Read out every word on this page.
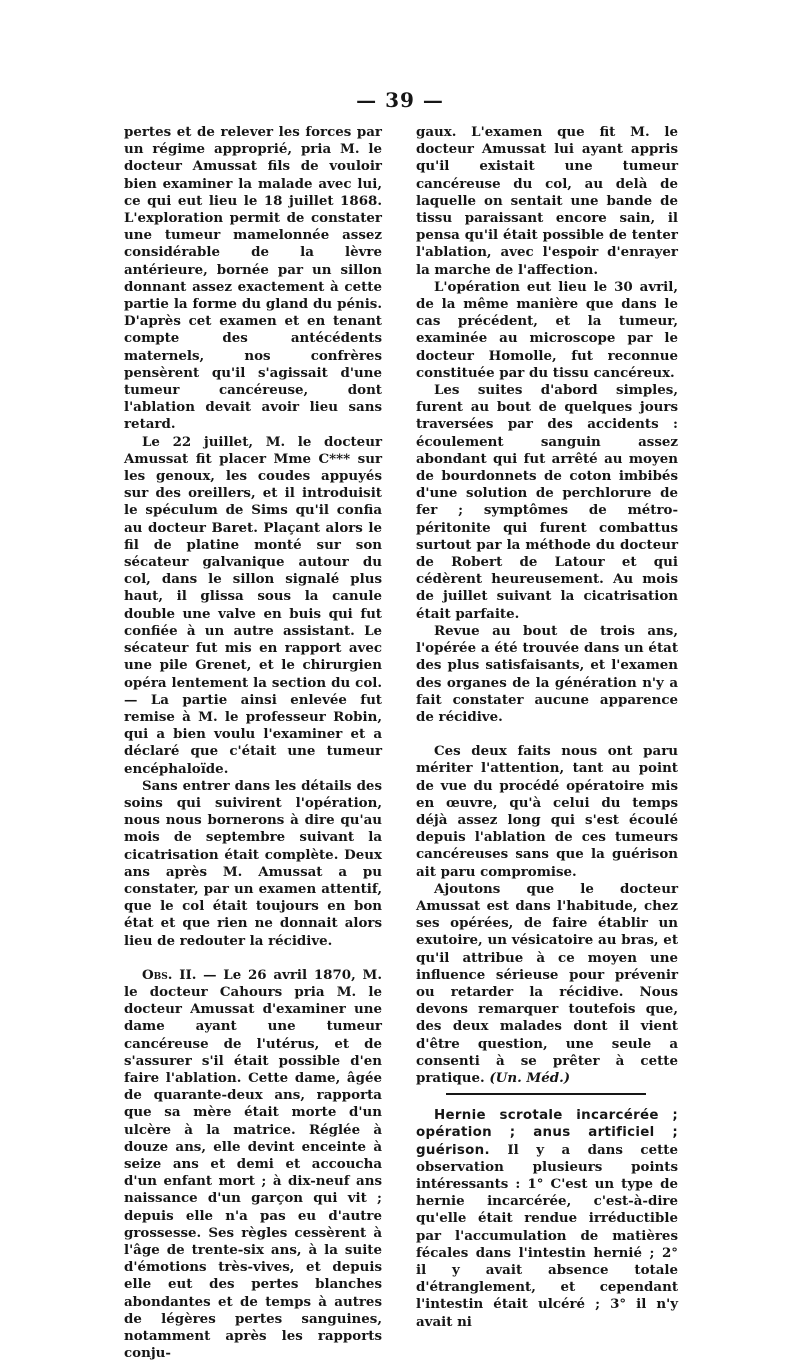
— 39 —

pertes et de relever les forces par un régime approprié, pria M. le docteur Amussat fils de vouloir bien examiner la malade avec lui, ce qui eut lieu le 18 juillet 1868. L'exploration permit de constater une tumeur mamelonnée assez considérable de la lèvre antérieure, bornée par un sillon donnant assez exactement à cette partie la forme du gland du pénis. D'après cet examen et en tenant compte des antécédents maternels, nos confrères pensèrent qu'il s'agissait d'une tumeur cancéreuse, dont l'ablation devait avoir lieu sans retard.

Le 22 juillet, M. le docteur Amussat fit placer Mme C*** sur les genoux, les coudes appuyés sur des oreillers, et il introduisit le spéculum de Sims qu'il confia au docteur Baret. Plaçant alors le fil de platine monté sur son sécateur galvanique autour du col, dans le sillon signalé plus haut, il glissa sous la canule double une valve en buis qui fut confiée à un autre assistant. Le sécateur fut mis en rapport avec une pile Grenet, et le chirurgien opéra lentement la section du col. — La partie ainsi enlevée fut remise à M. le professeur Robin, qui a bien voulu l'examiner et a déclaré que c'était une tumeur encéphaloïde.

Sans entrer dans les détails des soins qui suivirent l'opération, nous nous bornerons à dire qu'au mois de septembre suivant la cicatrisation était complète. Deux ans après M. Amussat a pu constater, par un examen attentif, que le col était toujours en bon état et que rien ne donnait alors lieu de redouter la récidive.

Obs. II. — Le 26 avril 1870, M. le docteur Cahours pria M. le docteur Amussat d'examiner une dame ayant une tumeur cancéreuse de l'utérus, et de s'assurer s'il était possible d'en faire l'ablation. Cette dame, âgée de quarante-deux ans, rapporta que sa mère était morte d'un ulcère à la matrice. Réglée à douze ans, elle devint enceinte à seize ans et demi et accoucha d'un enfant mort ; à dix-neuf ans naissance d'un garçon qui vit ; depuis elle n'a pas eu d'autre grossesse. Ses règles cessèrent à l'âge de trente-six ans, à la suite d'émotions très-vives, et depuis elle eut des pertes blanches abondantes et de temps à autres de légères pertes sanguines, notamment après les rapports conju-

gaux. L'examen que fit M. le docteur Amussat lui ayant appris qu'il existait une tumeur cancéreuse du col, au delà de laquelle on sentait une bande de tissu paraissant encore sain, il pensa qu'il était possible de tenter l'ablation, avec l'espoir d'enrayer la marche de l'affection.

L'opération eut lieu le 30 avril, de la même manière que dans le cas précédent, et la tumeur, examinée au microscope par le docteur Homolle, fut reconnue constituée par du tissu cancéreux.

Les suites d'abord simples, furent au bout de quelques jours traversées par des accidents : écoulement sanguin assez abondant qui fut arrêté au moyen de bourdonnets de coton imbibés d'une solution de perchlorure de fer ; symptômes de métro-péritonite qui furent combattus surtout par la méthode du docteur de Robert de Latour et qui cédèrent heureusement. Au mois de juillet suivant la cicatrisation était parfaite.

Revue au bout de trois ans, l'opérée a été trouvée dans un état des plus satisfaisants, et l'examen des organes de la génération n'y a fait constater aucune apparence de récidive.

Ces deux faits nous ont paru mériter l'attention, tant au point de vue du procédé opératoire mis en œuvre, qu'à celui du temps déjà assez long qui s'est écoulé depuis l'ablation de ces tumeurs cancéreuses sans que la guérison ait paru compromise.

Ajoutons que le docteur Amussat est dans l'habitude, chez ses opérées, de faire établir un exutoire, un vésicatoire au bras, et qu'il attribue à ce moyen une influence sérieuse pour prévenir ou retarder la récidive. Nous devons remarquer toutefois que, des deux malades dont il vient d'être question, une seule a consenti à se prêter à cette pratique. (Un. Méd.)

Hernie scrotale incarcérée ; opération ; anus artificiel ; guérison. Il y a dans cette observation plusieurs points intéressants : 1° C'est un type de hernie incarcérée, c'est-à-dire qu'elle était rendue irréductible par l'accumulation de matières fécales dans l'intestin hernié ; 2° il y avait absence totale d'étranglement, et cependant l'intestin était ulcéré ; 3° il n'y avait ni
